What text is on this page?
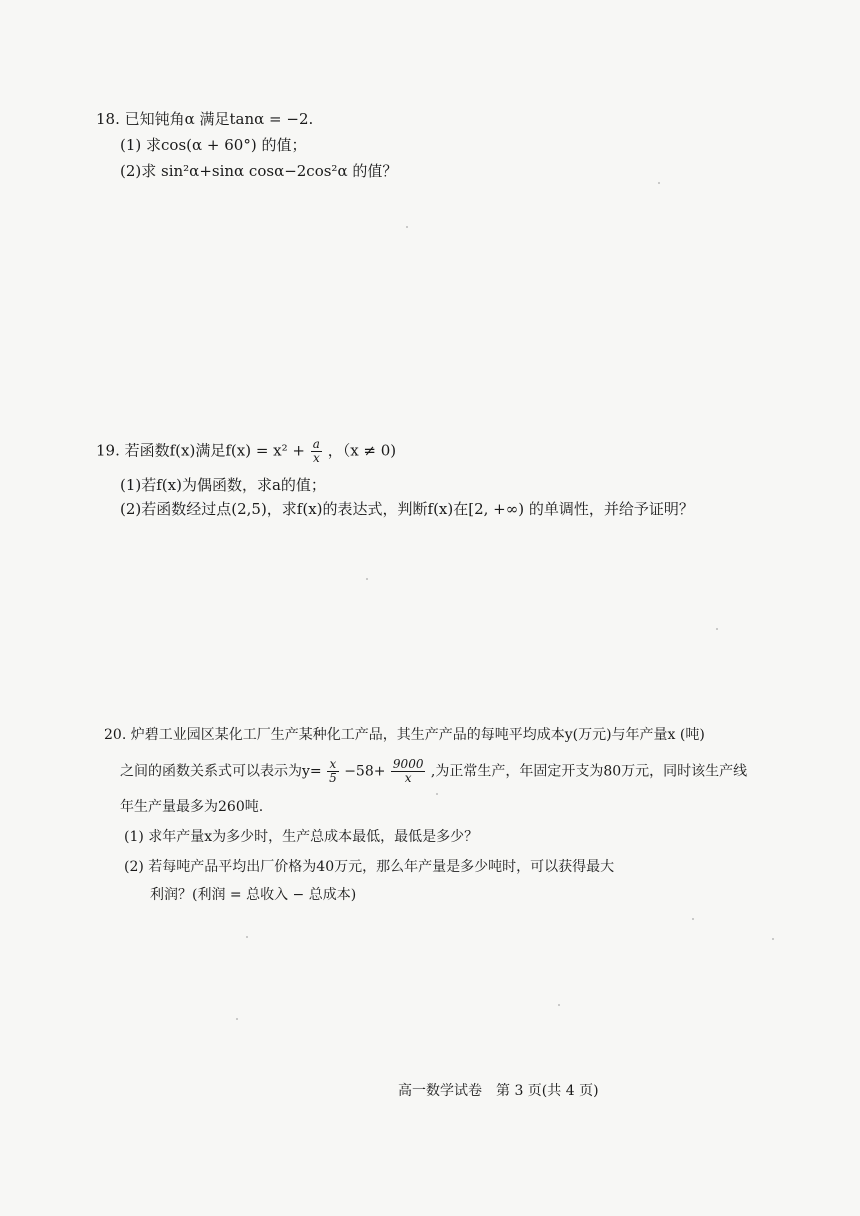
18. 已知钝角α 满足tanα = −2.
(1) 求cos(α + 60°) 的值；
(2)求 sin²α+sinα cosα−2cos²α 的值？
19. 若函数f(x)满足$f(x) = x^2 + \frac{a}{x}$ ，（x ≠ 0)
(1)若f(x)为偶函数，求a的值；
(2)若函数经过点(2,5)，求f(x)的表达式，判断f(x)在[2, +∞) 的单调性，并给予证明？
20. 炉碧工业园区某化工厂生产某种化工产品，其生产产品的每吨平均成本y(万元)与年产量x (吨)
之间的函数关系式可以表示为$y= \frac{x}{5} -58+ \frac{9000}{x}$ ,为正常生产，年固定开支为80万元，同时该生产线
年生产量最多为260吨.
(1) 求年产量x为多少时，生产总成本最低，最低是多少？
(2) 若每吨产品平均出厂价格为40万元，那么年产量是多少吨时，可以获得最大
利润？(利润 = 总收入 − 总成本)
高一数学试卷　第 3 页(共 4 页)
